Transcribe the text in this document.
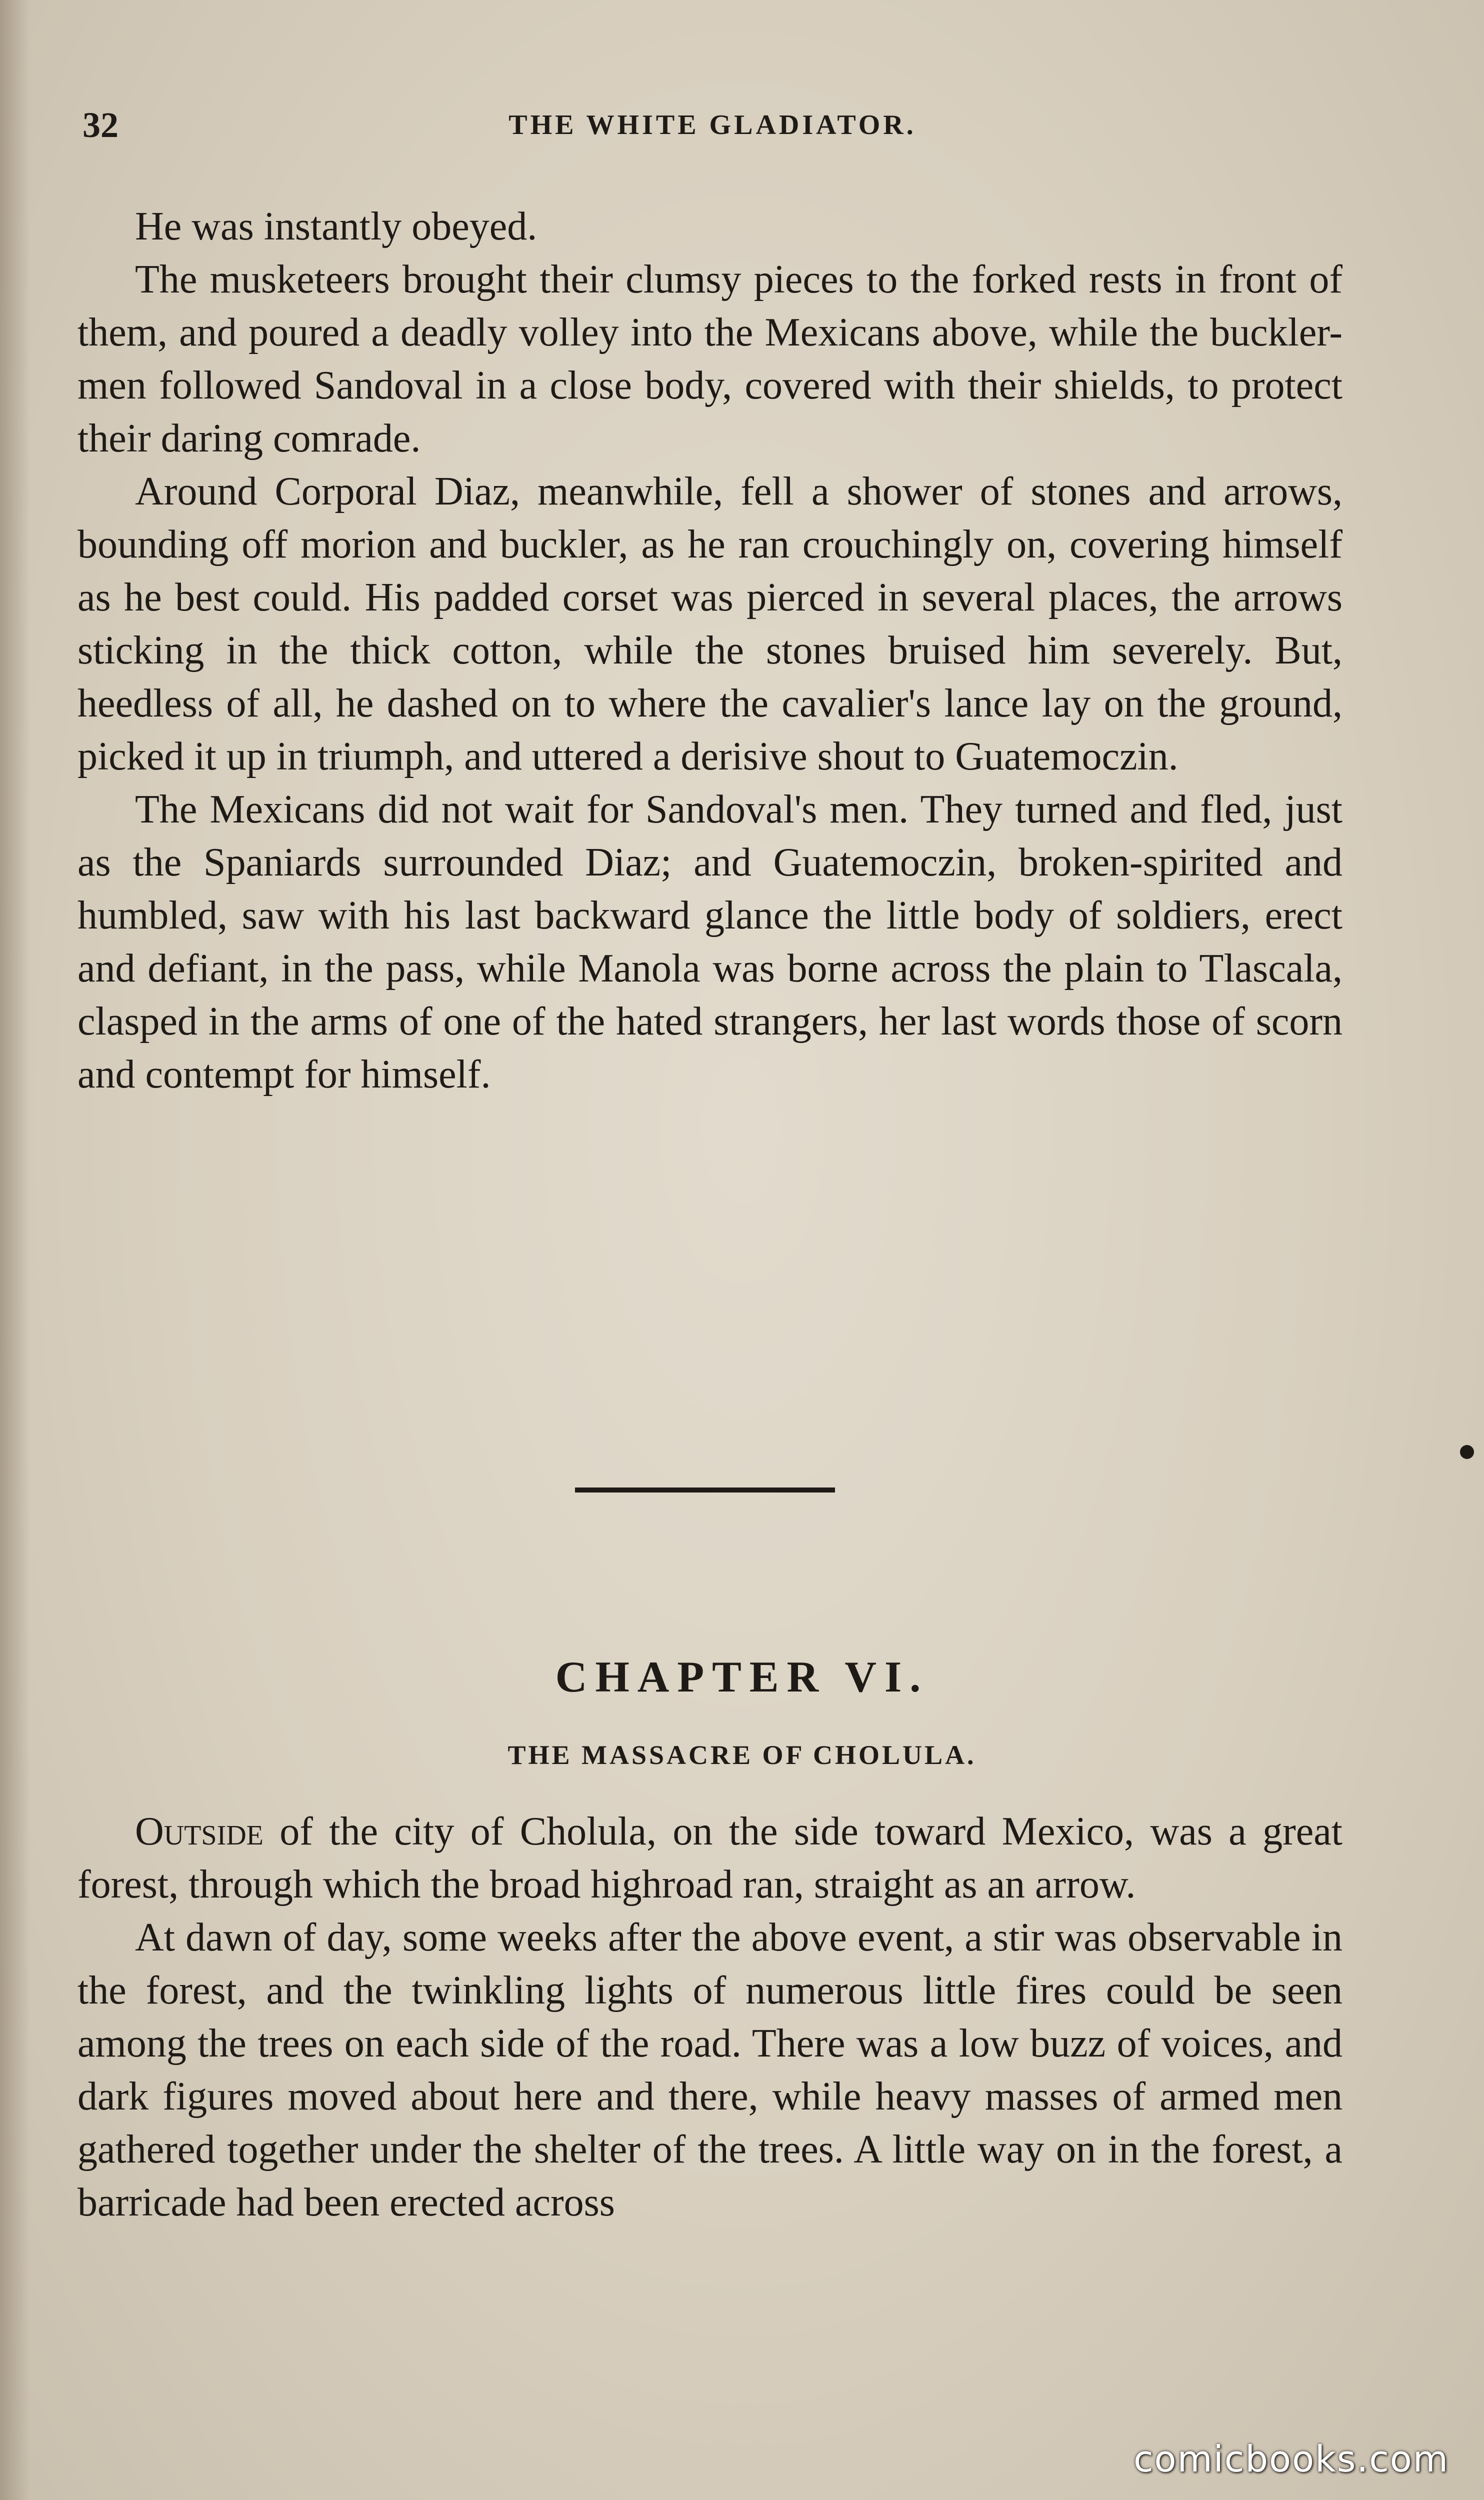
32	THE WHITE GLADIATOR.

He was instantly obeyed.

The musketeers brought their clumsy pieces to the forked rests in front of them, and poured a deadly volley into the Mexicans above, while the buckler-men followed Sandoval in a close body, covered with their shields, to protect their daring comrade.

Around Corporal Diaz, meanwhile, fell a shower of stones and arrows, bounding off morion and buckler, as he ran crouchingly on, covering himself as he best could. His padded corset was pierced in several places, the arrows sticking in the thick cotton, while the stones bruised him severely. But, heedless of all, he dashed on to where the cavalier's lance lay on the ground, picked it up in triumph, and uttered a derisive shout to Guatemoczin.

The Mexicans did not wait for Sandoval's men. They turned and fled, just as the Spaniards surrounded Diaz; and Guatemoczin, broken-spirited and humbled, saw with his last backward glance the little body of soldiers, erect and defiant, in the pass, while Manola was borne across the plain to Tlascala, clasped in the arms of one of the hated strangers, her last words those of scorn and contempt for himself.

CHAPTER VI.
THE MASSACRE OF CHOLULA.

Outside of the city of Cholula, on the side toward Mexico, was a great forest, through which the broad highroad ran, straight as an arrow.

At dawn of day, some weeks after the above event, a stir was observable in the forest, and the twinkling lights of numerous little fires could be seen among the trees on each side of the road. There was a low buzz of voices, and dark figures moved about here and there, while heavy masses of armed men gathered together under the shelter of the trees. A little way on in the forest, a barricade had been erected across

comicbooks.com
